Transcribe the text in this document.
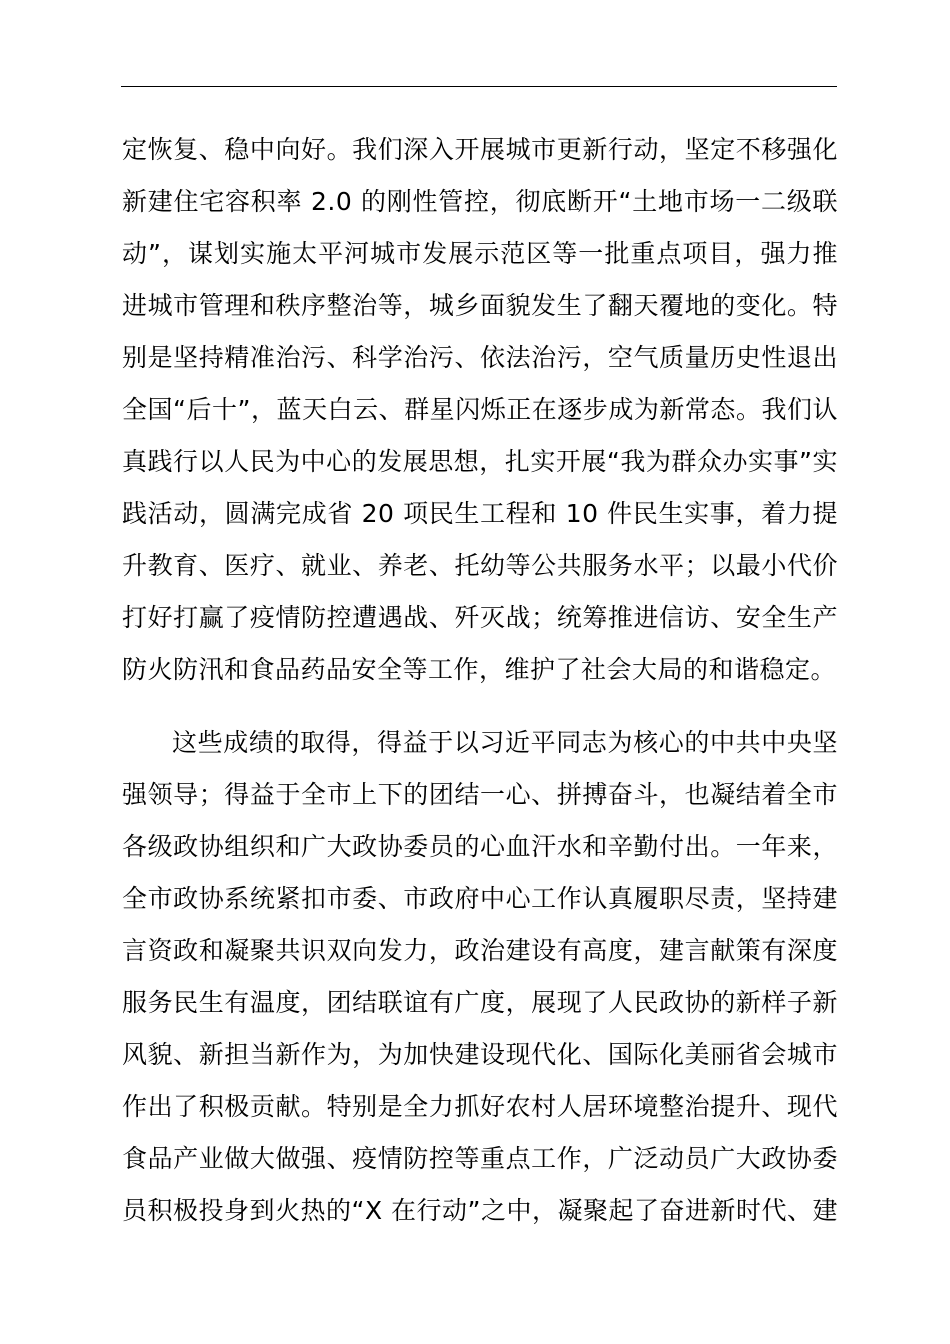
定恢复、稳中向好。我们深入开展城市更新行动，坚定不移强化
新建住宅容积率 2.0 的刚性管控，彻底断开“土地市场一二级联
动”，谋划实施太平河城市发展示范区等一批重点项目，强力推
进城市管理和秩序整治等，城乡面貌发生了翻天覆地的变化。特
别是坚持精准治污、科学治污、依法治污，空气质量历史性退出
全国“后十”，蓝天白云、群星闪烁正在逐步成为新常态。我们认
真践行以人民为中心的发展思想，扎实开展“我为群众办实事”实
践活动，圆满完成省 20 项民生工程和 10 件民生实事，着力提
升教育、医疗、就业、养老、托幼等公共服务水平；以最小代价
打好打赢了疫情防控遭遇战、歼灭战；统筹推进信访、安全生产
防火防汛和食品药品安全等工作，维护了社会大局的和谐稳定。
这些成绩的取得，得益于以习近平同志为核心的中共中央坚
强领导；得益于全市上下的团结一心、拼搏奋斗，也凝结着全市
各级政协组织和广大政协委员的心血汗水和辛勤付出。一年来，
全市政协系统紧扣市委、市政府中心工作认真履职尽责，坚持建
言资政和凝聚共识双向发力，政治建设有高度，建言献策有深度
服务民生有温度，团结联谊有广度，展现了人民政协的新样子新
风貌、新担当新作为，为加快建设现代化、国际化美丽省会城市
作出了积极贡献。特别是全力抓好农村人居环境整治提升、现代
食品产业做大做强、疫情防控等重点工作，广泛动员广大政协委
员积极投身到火热的“X 在行动”之中，凝聚起了奋进新时代、建
